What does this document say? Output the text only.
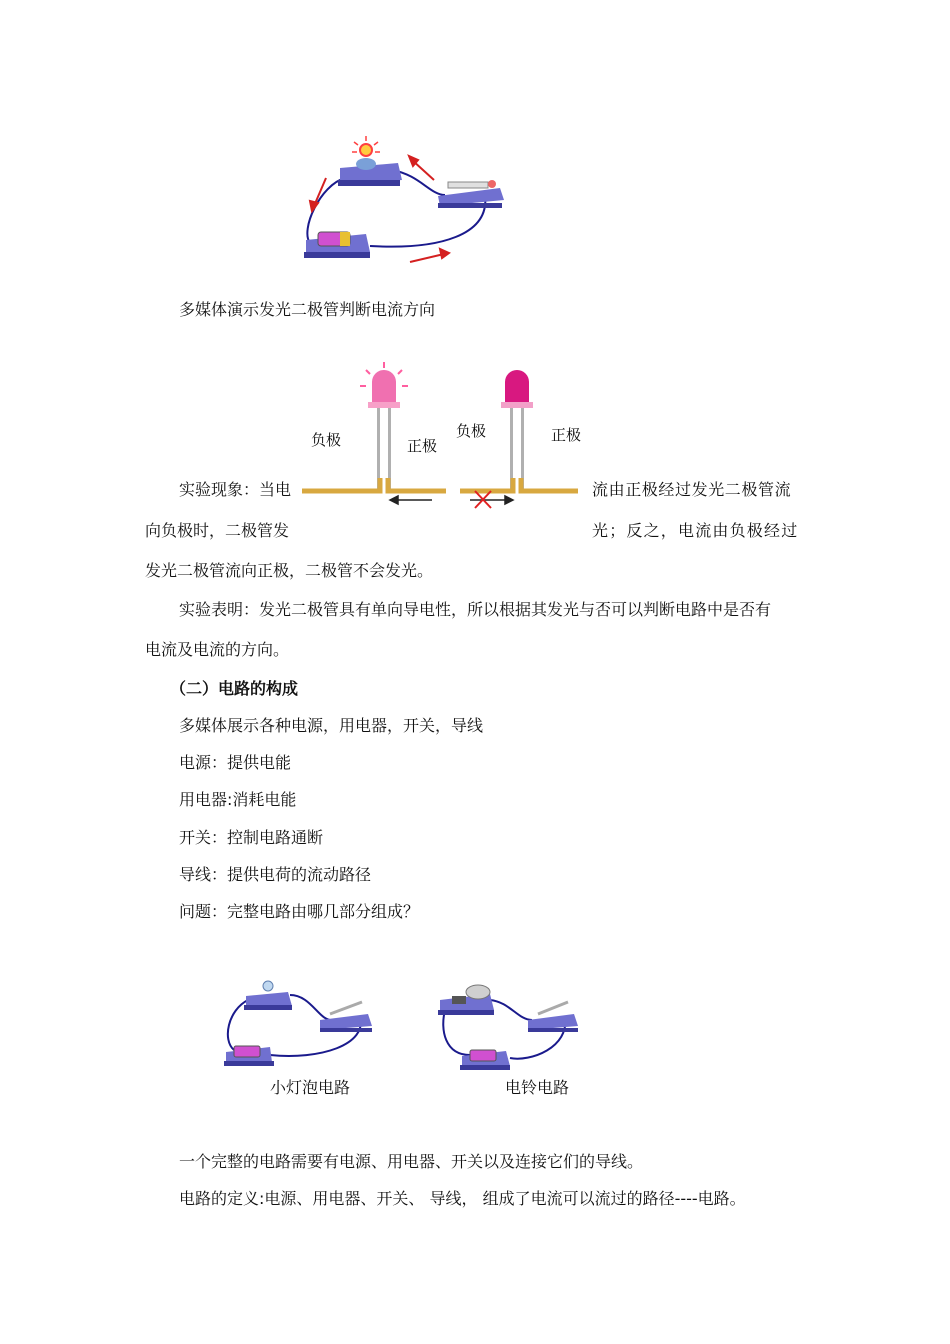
多媒体演示发光二极管判断电流方向
负极	正极
负极	正极
实验现象：当电	流由正极经过发光二极管流
向负极时，二极管发	光；反之，电流由负极经过
发光二极管流向正极，二极管不会发光。
实验表明：发光二极管具有单向导电性，所以根据其发光与否可以判断电路中是否有
电流及电流的方向。
（二）电路的构成
多媒体展示各种电源，用电器，开关，导线
电源：提供电能
用电器:消耗电能
开关：控制电路通断
导线：提供电荷的流动路径
问题：完整电路由哪几部分组成？
小灯泡电路	电铃电路
一个完整的电路需要有电源、用电器、开关以及连接它们的导线。
电路的定义:电源、用电器、开关、 导线， 组成了电流可以流过的路径----电路。
